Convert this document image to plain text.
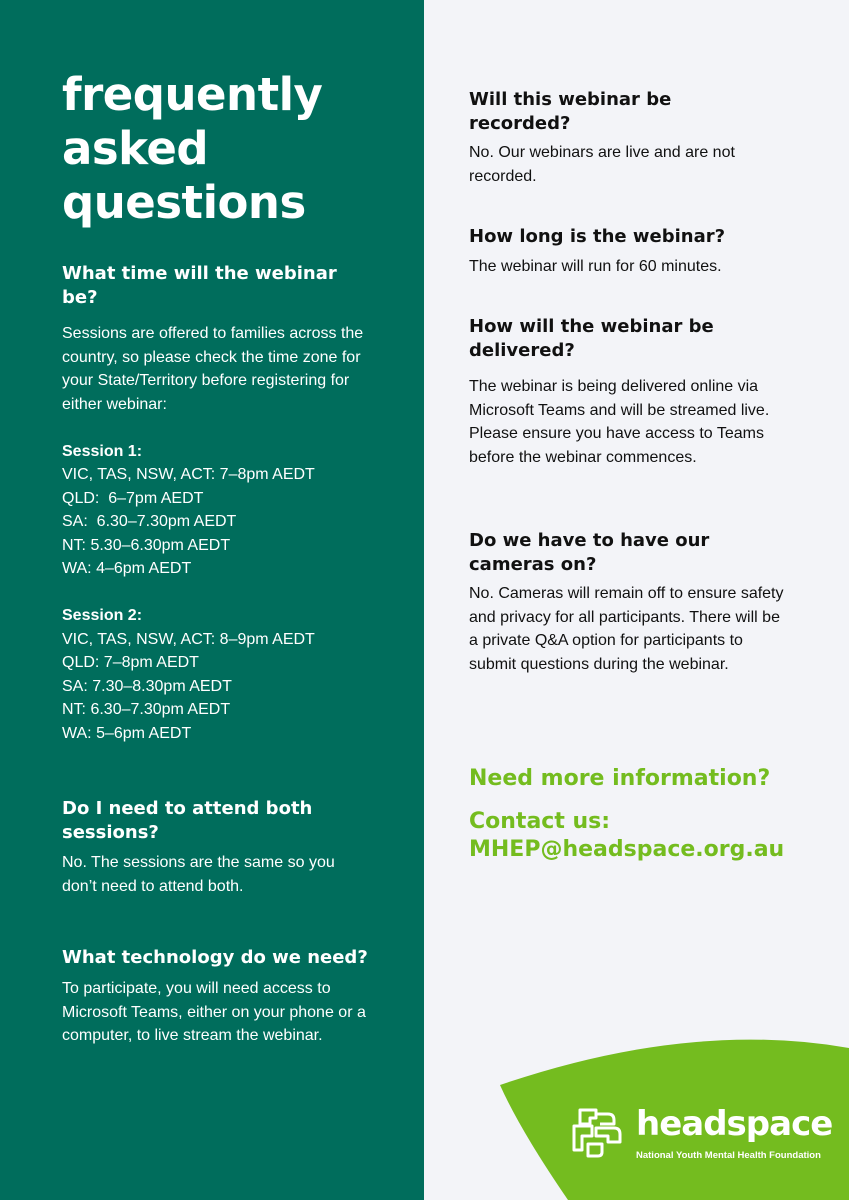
frequently asked questions
What time will the webinar be?
Sessions are offered to families across the country, so please check the time zone for your State/Territory before registering for either webinar:

Session 1:
VIC, TAS, NSW, ACT: 7–8pm AEDT
QLD:  6–7pm AEDT
SA:  6.30–7.30pm AEDT
NT: 5.30–6.30pm AEDT
WA: 4–6pm AEDT

Session 2:
VIC, TAS, NSW, ACT: 8–9pm AEDT
QLD: 7–8pm AEDT
SA: 7.30–8.30pm AEDT
NT: 6.30–7.30pm AEDT
WA: 5–6pm AEDT
Do I need to attend both sessions?

No. The sessions are the same so you don’t need to attend both.

What technology do we need?

To participate, you will need access to Microsoft Teams, either on your phone or a computer, to live stream the webinar.

Will this webinar be recorded?

No. Our webinars are live and are not recorded.

How long is the webinar?

The webinar will run for 60 minutes.

How will the webinar be delivered?

The webinar is being delivered online via Microsoft Teams and will be streamed live. Please ensure you have access to Teams before the webinar commences.

Do we have to have our cameras on?

No. Cameras will remain off to ensure safety and privacy for all participants. There will be a private Q&A option for participants to submit questions during the webinar.

Need more information?

Contact us:

MHEP@headspace.org.au

headspace
National Youth Mental Health Foundation
